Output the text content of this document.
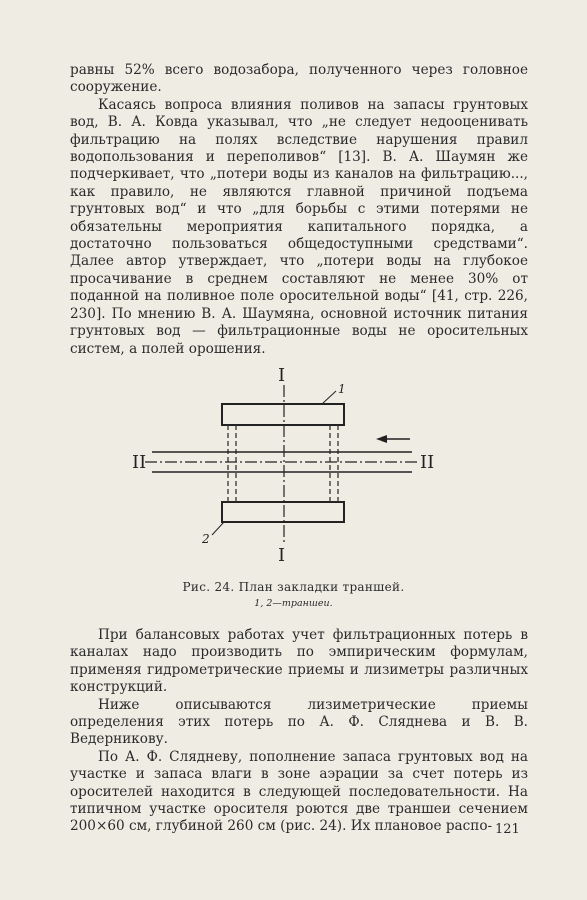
равны 52% всего водозабора, полученного через головное сооружение.

Касаясь вопроса влияния поливов на запасы грунтовых вод, В. А. Ковда указывал, что „не следует недооценивать фильтрацию на полях вследствие нарушения правил водопользования и переполивов“ [13]. В. А. Шаумян же подчеркивает, что „потери воды из каналов на фильтрацию..., как правило, не являются главной причиной подъема грунтовых вод“ и что „для борьбы с этими потерями не обязательны мероприятия капитального порядка, а достаточно пользоваться общедоступными средствами“. Далее автор утверждает, что „потери воды на глубокое просачивание в среднем составляют не менее 30% от поданной на поливное поле оросительной воды“ [41, стр. 226, 230]. По мнению В. А. Шаумяна, основной источник питания грунтовых вод — фильтрационные воды не оросительных систем, а полей орошения.

I
I
II	II
1
2
Рис. 24. План закладки траншей.
1, 2—траншеи.

При балансовых работах учет фильтрационных потерь в каналах надо производить по эмпирическим формулам, применяя гидрометрические приемы и лизиметры различных конструкций.

Ниже описываются лизиметрические приемы определения этих потерь по А. Ф. Сляднева и В. В. Ведерникову.

По А. Ф. Слядневу, пополнение запаса грунтовых вод на участке и запаса влаги в зоне аэрации за счет потерь из оросителей находится в следующей последовательности. На типичном участке оросителя роются две траншеи сечением 200×60 см, глубиной 260 см (рис. 24). Их плановое распо- 121
